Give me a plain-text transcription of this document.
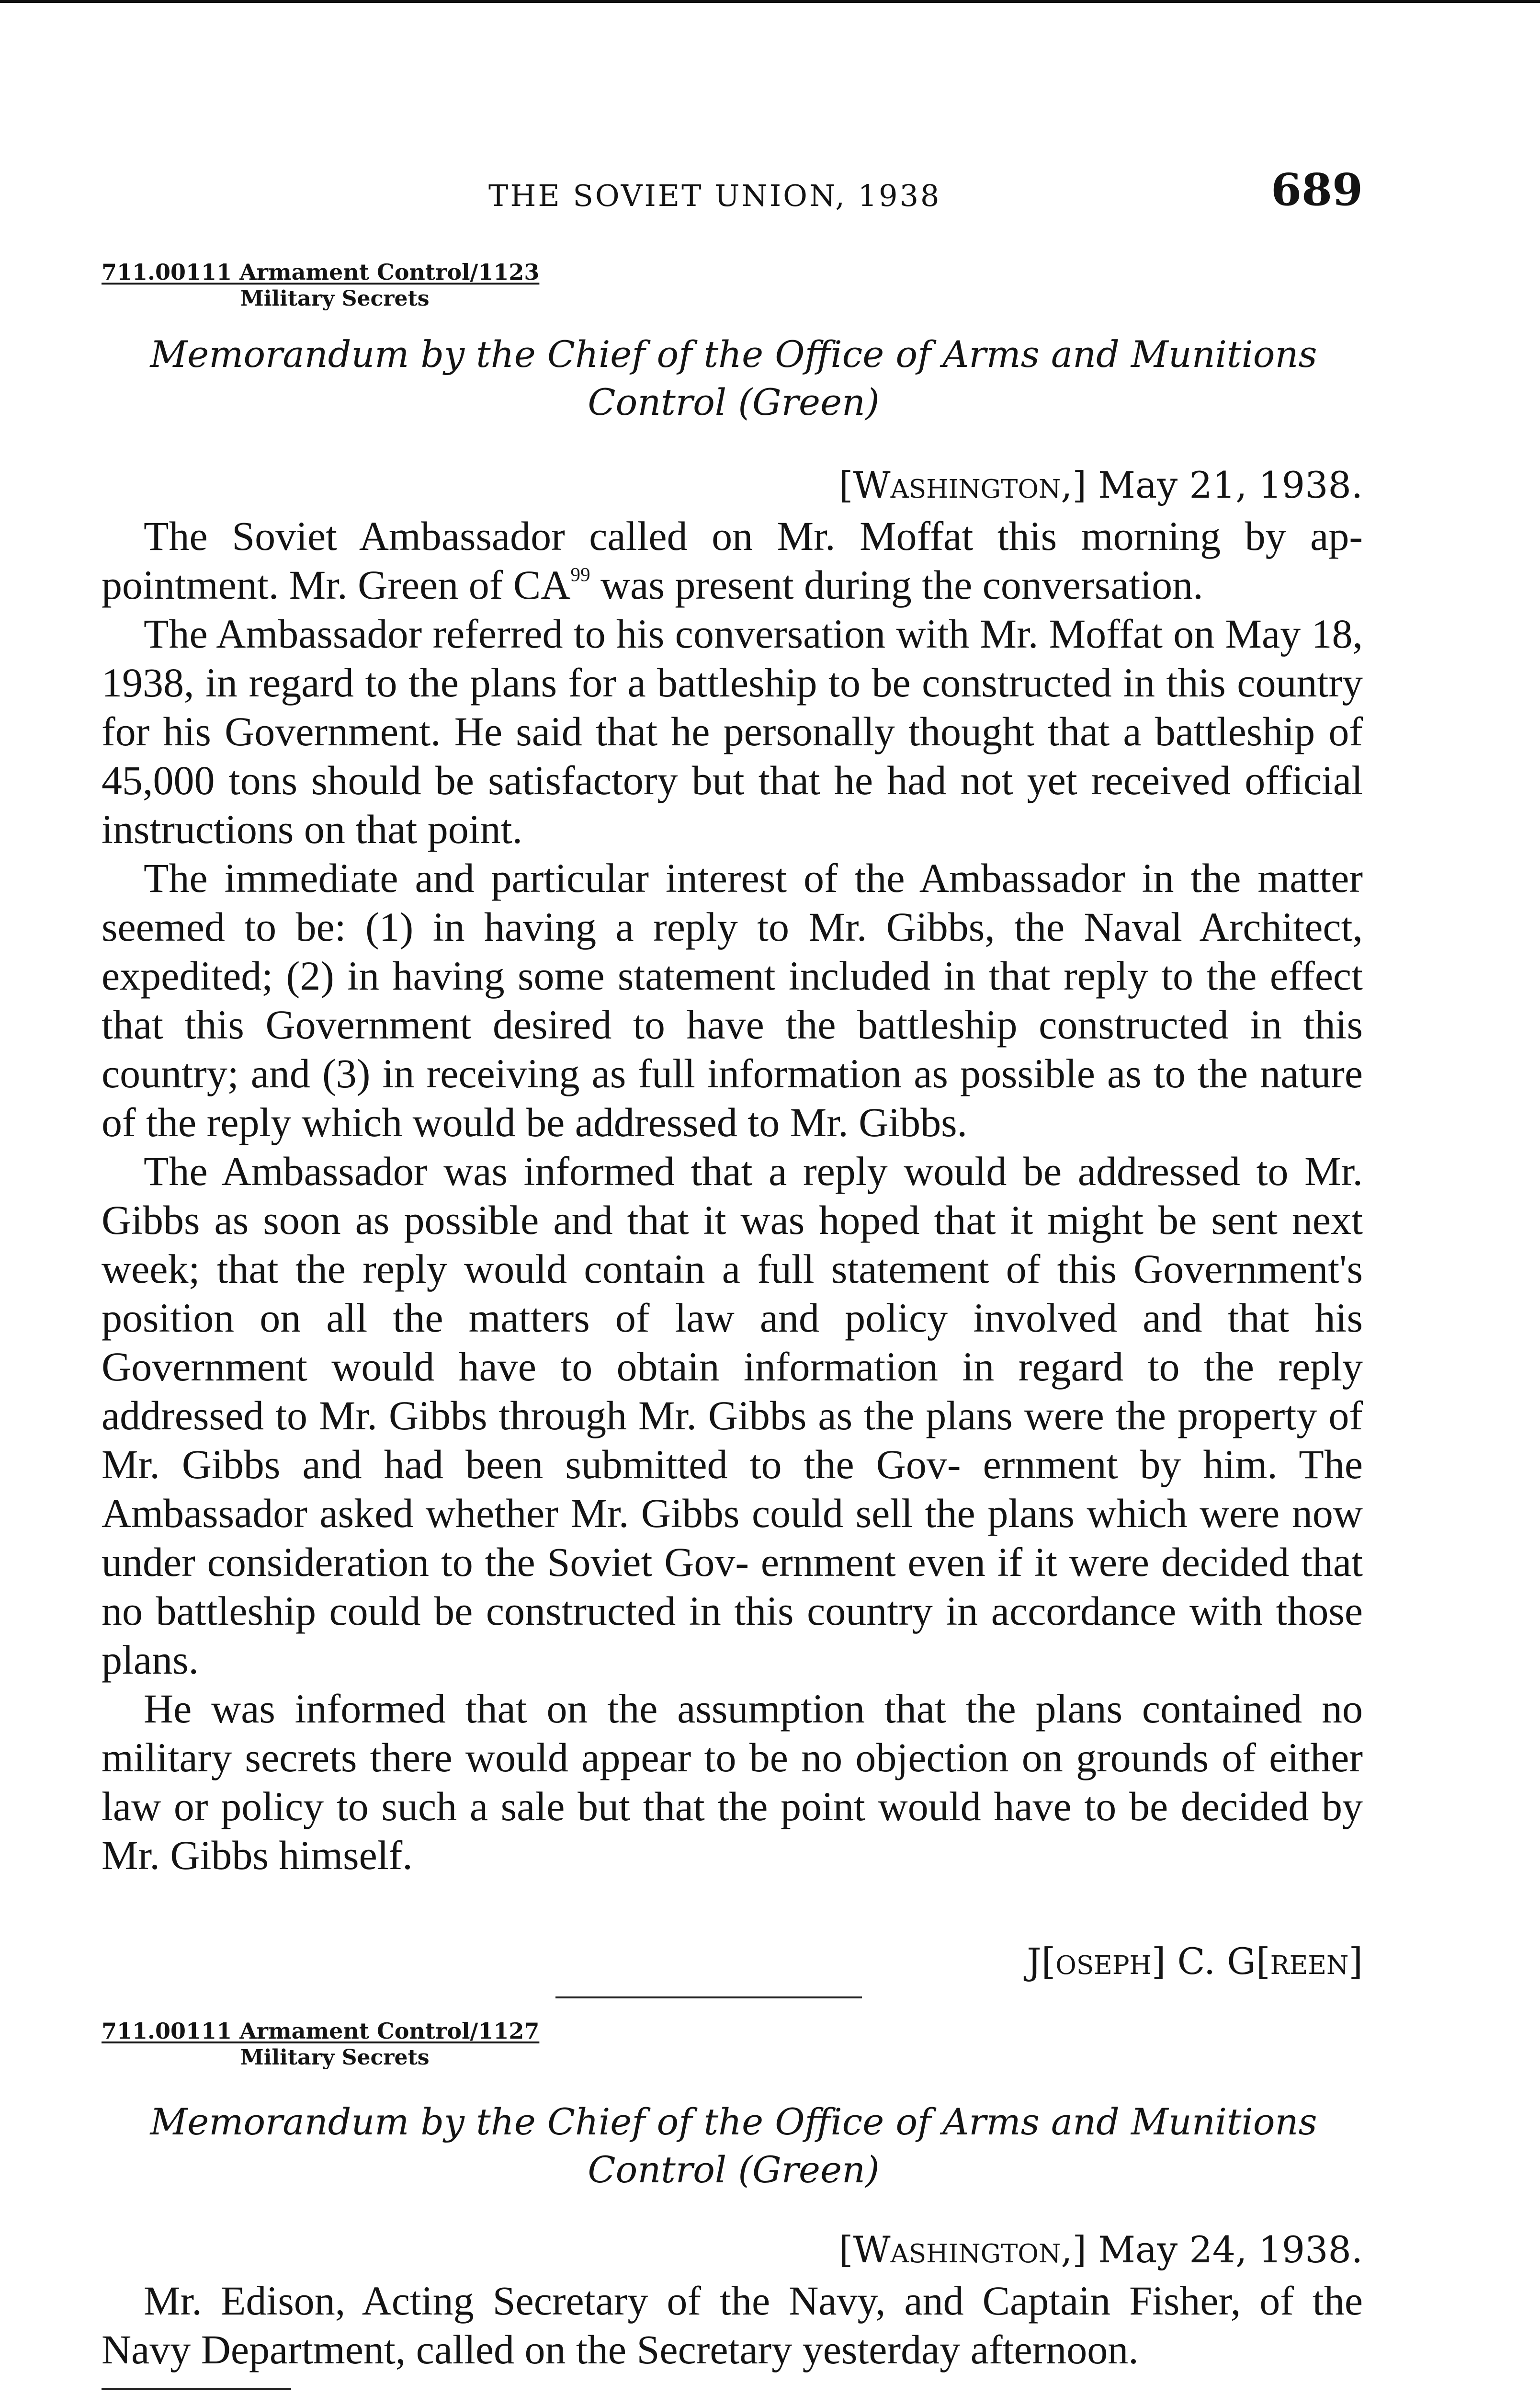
THE SOVIET UNION, 1938	689
711.00111 Armament Control/1123
Military Secrets
Memorandum by the Chief of the Office of Arms and Munitions
Control (Green)
[Washington,] May 21, 1938.

The Soviet Ambassador called on Mr. Moffat this morning by ap- pointment. Mr. Green of CA$^{99}$ was present during the conversation.

The Ambassador referred to his conversation with Mr. Moffat on May 18, 1938, in regard to the plans for a battleship to be constructed in this country for his Government. He said that he personally thought that a battleship of 45,000 tons should be satisfactory but that he had not yet received official instructions on that point.

The immediate and particular interest of the Ambassador in the matter seemed to be: (1) in having a reply to Mr. Gibbs, the Naval Architect, expedited; (2) in having some statement included in that reply to the effect that this Government desired to have the battleship constructed in this country; and (3) in receiving as full information as possible as to the nature of the reply which would be addressed to Mr. Gibbs.

The Ambassador was informed that a reply would be addressed to Mr. Gibbs as soon as possible and that it was hoped that it might be sent next week; that the reply would contain a full statement of this Government's position on all the matters of law and policy involved and that his Government would have to obtain information in regard to the reply addressed to Mr. Gibbs through Mr. Gibbs as the plans were the property of Mr. Gibbs and had been submitted to the Gov- ernment by him. The Ambassador asked whether Mr. Gibbs could sell the plans which were now under consideration to the Soviet Gov- ernment even if it were decided that no battleship could be constructed in this country in accordance with those plans.

He was informed that on the assumption that the plans contained no military secrets there would appear to be no objection on grounds of either law or policy to such a sale but that the point would have to be decided by Mr. Gibbs himself.

J[oseph] C. G[reen]
711.00111 Armament Control/1127
Military Secrets
Memorandum by the Chief of the Office of Arms and Munitions
Control (Green)
[Washington,] May 24, 1938.

Mr. Edison, Acting Secretary of the Navy, and Captain Fisher, of the Navy Department, called on the Secretary yesterday afternoon.
